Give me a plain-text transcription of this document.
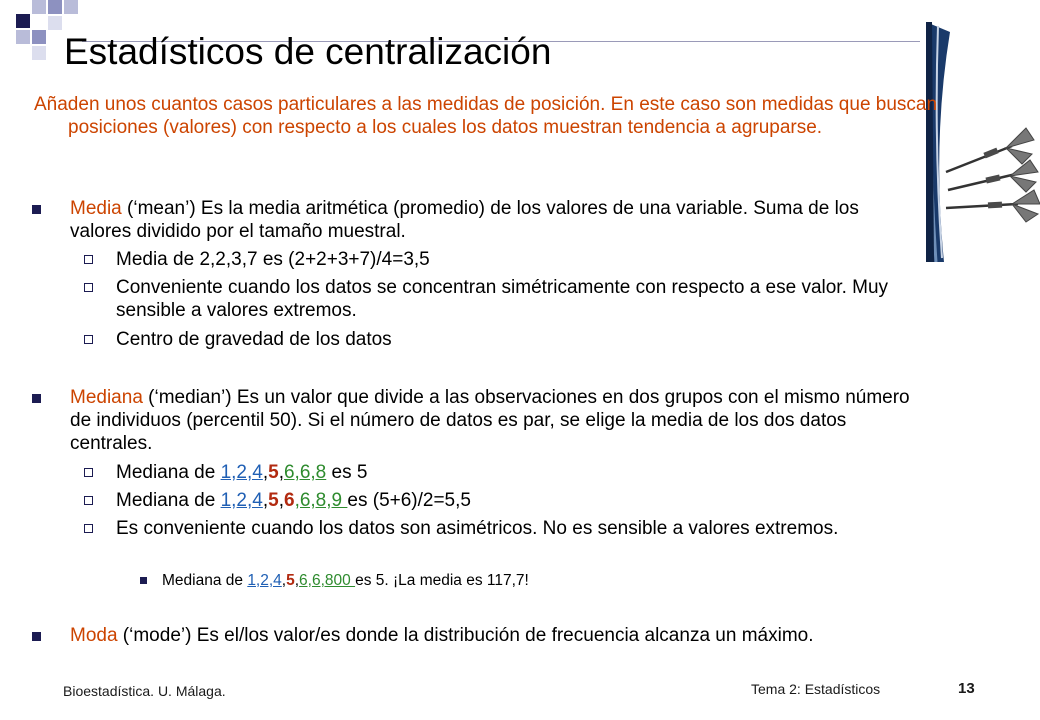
Estadísticos de centralización
Añaden unos cuantos casos particulares a las medidas de posición. En este caso son medidas que buscan posiciones (valores) con respecto a los cuales los datos muestran tendencia a agruparse.
Media (‘mean’) Es la media aritmética (promedio) de los valores de una variable. Suma de los valores dividido por el tamaño muestral.
Media de 2,2,3,7 es (2+2+3+7)/4=3,5
Conveniente cuando los datos se concentran simétricamente con respecto a ese valor. Muy sensible a valores extremos.
Centro de gravedad de los datos
Mediana (‘median’) Es un valor que divide a las observaciones en dos grupos con el mismo número de individuos (percentil 50). Si el número de datos es par, se elige la media de los dos datos centrales.
Mediana de 1,2,4,5,6,6,8 es 5
Mediana de 1,2,4,5,6,6,8,9 es (5+6)/2=5,5
Es conveniente cuando los datos son asimétricos. No es sensible a valores extremos.
Mediana de 1,2,4,5,6,6,800 es 5. ¡La media es 117,7!
Moda (‘mode’) Es el/los valor/es donde la distribución de frecuencia alcanza un máximo.
Bioestadística. U. Málaga.	Tema 2: Estadísticos	13
